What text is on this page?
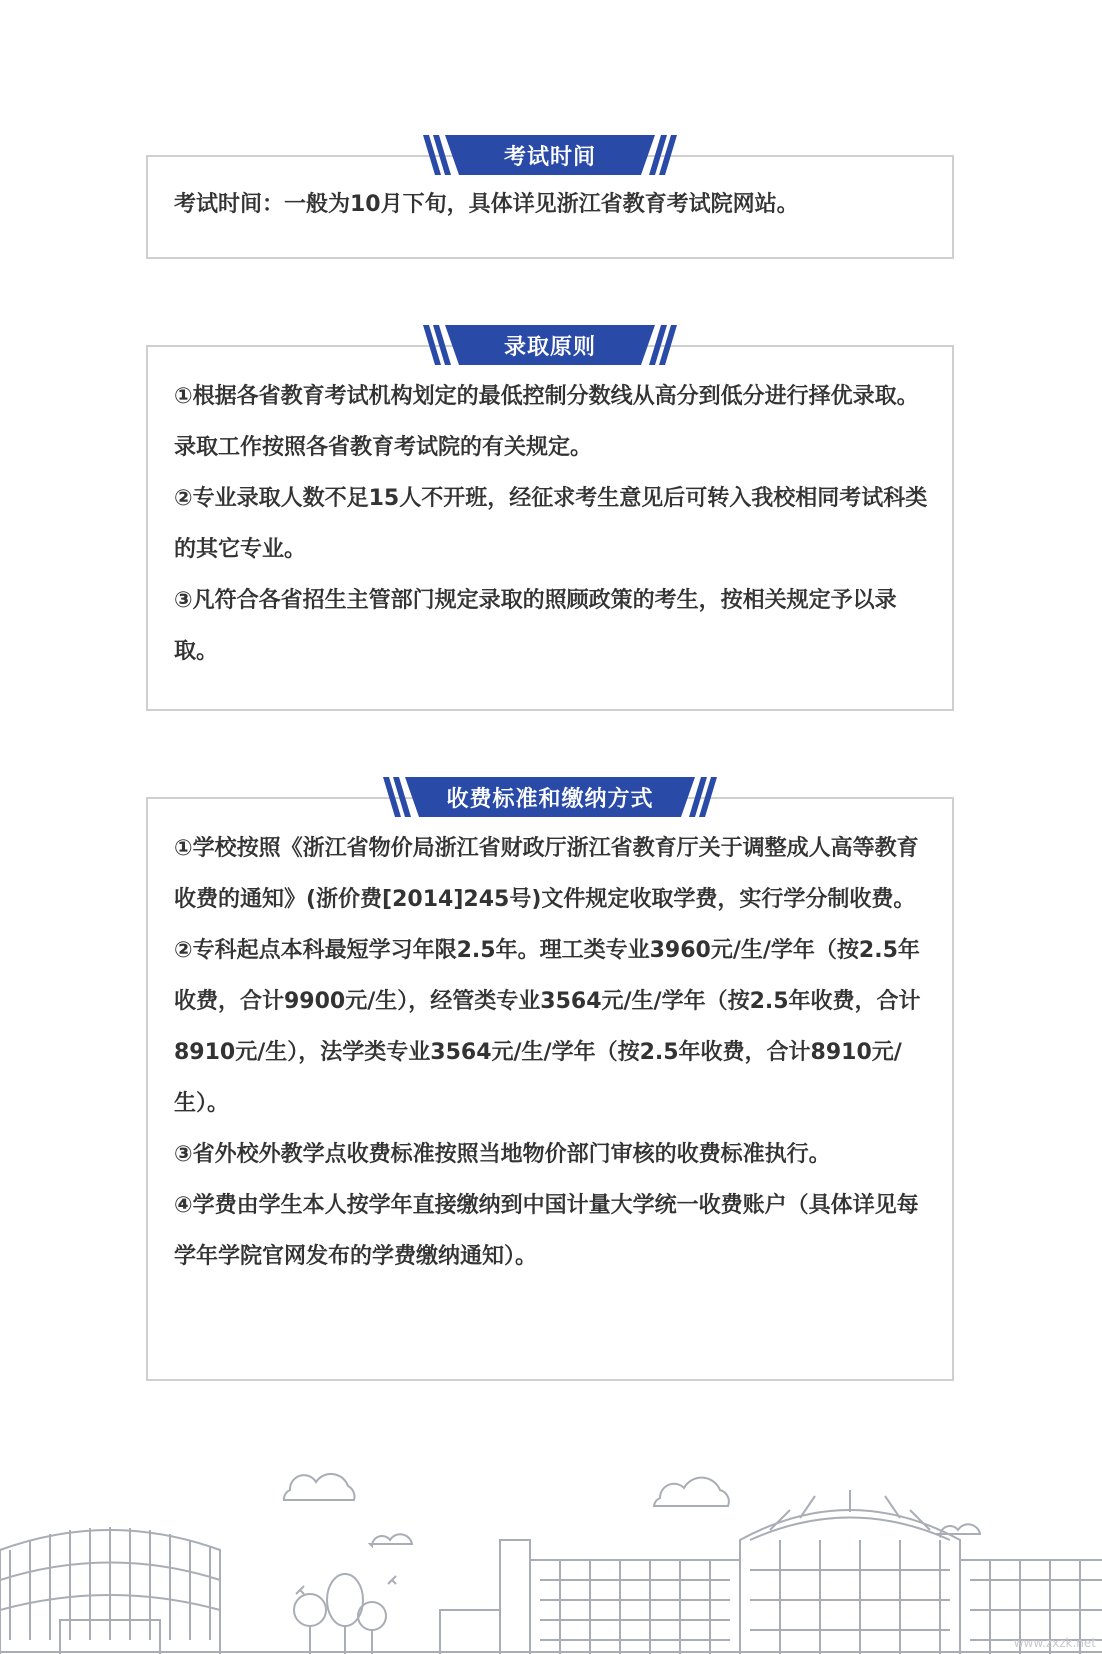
考试时间

考试时间：一般为10月下旬，具体详见浙江省教育考试院网站。

录取原则

①根据各省教育考试机构划定的最低控制分数线从高分到低分进行择优录取。录取工作按照各省教育考试院的有关规定。

②专业录取人数不足15人不开班，经征求考生意见后可转入我校相同考试科类的其它专业。

③凡符合各省招生主管部门规定录取的照顾政策的考生，按相关规定予以录取。

收费标准和缴纳方式

①学校按照《浙江省物价局浙江省财政厅浙江省教育厅关于调整成人高等教育收费的通知》(浙价费[2014]245号)文件规定收取学费，实行学分制收费。

②专科起点本科最短学习年限2.5年。理工类专业3960元/生/学年（按2.5年收费，合计9900元/生），经管类专业3564元/生/学年（按2.5年收费，合计8910元/生），法学类专业3564元/生/学年（按2.5年收费，合计8910元/生）。

③省外校外教学点收费标准按照当地物价部门审核的收费标准执行。

④学费由学生本人按学年直接缴纳到中国计量大学统一收费账户（具体详见每学年学院官网发布的学费缴纳通知）。

www.zxzk.net
